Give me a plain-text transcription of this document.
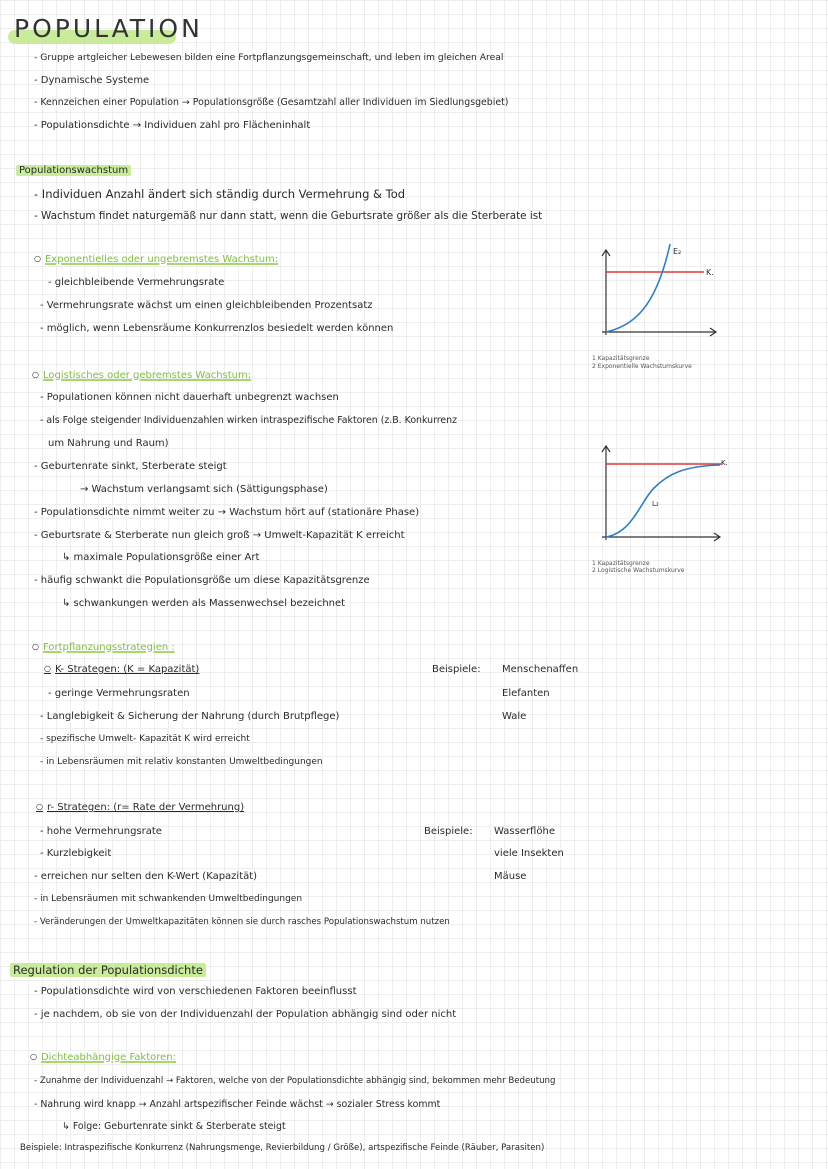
POPULATION
- Gruppe artgleicher Lebewesen bilden eine Fortpflanzungsgemeinschaft, und leben im gleichen Areal
- Dynamische Systeme
- Kennzeichen einer Population → Populationsgröße (Gesamtzahl aller Individuen im Siedlungsgebiet)
- Populationsdichte → Individuen zahl pro Flächeninhalt
Populationswachstum
- Individuen Anzahl ändert sich ständig durch Vermehrung & Tod
- Wachstum findet naturgemäß nur dann statt, wenn die Geburtsrate größer als die Sterberate ist
○ Exponentielles oder ungebremstes Wachstum:
- gleichbleibende Vermehrungsrate
- Vermehrungsrate wächst um einen gleichbleibenden Prozentsatz
- möglich, wenn Lebensräume Konkurrenzlos besiedelt werden können
E₂
K.
1 Kapazitätsgrenze
2 Exponentielle Wachstumskurve
○ Logistisches oder gebremstes Wachstum:
- Populationen können nicht dauerhaft unbegrenzt wachsen
- als Folge steigender Individuenzahlen wirken intraspezifische Faktoren (z.B. Konkurrenz
um Nahrung und Raum)
- Geburtenrate sinkt, Sterberate steigt
→ Wachstum verlangsamt sich (Sättigungsphase)
- Populationsdichte nimmt weiter zu → Wachstum hört auf (stationäre Phase)
- Geburtsrate & Sterberate nun gleich groß → Umwelt-Kapazität K erreicht
↳ maximale Populationsgröße einer Art
- häufig schwankt die Populationsgröße um diese Kapazitätsgrenze
↳ schwankungen werden als Massenwechsel bezeichnet
L₂
K.
1 Kapazitätsgrenze
2 Logistische Wachstumskurve
○ Fortpflanzungsstrategien :
○ K- Strategen: (K = Kapazität)
- geringe Vermehrungsraten
- Langlebigkeit & Sicherung der Nahrung (durch Brutpflege)
- spezifische Umwelt- Kapazität K wird erreicht
- in Lebensräumen mit relativ konstanten Umweltbedingungen
Beispiele: Menschenaffen
Elefanten
Wale
○ r- Strategen: (r= Rate der Vermehrung)
- hohe Vermehrungsrate
- Kurzlebigkeit
- erreichen nur selten den K-Wert (Kapazität)
- in Lebensräumen mit schwankenden Umweltbedingungen
- Veränderungen der Umweltkapazitäten können sie durch rasches Populationswachstum nutzen
Beispiele: Wasserflöhe
viele Insekten
Mäuse
Regulation der Populationsdichte
- Populationsdichte wird von verschiedenen Faktoren beeinflusst
- je nachdem, ob sie von der Individuenzahl der Population abhängig sind oder nicht
○ Dichteabhängige Faktoren:
- Zunahme der Individuenzahl → Faktoren, welche von der Populationsdichte abhängig sind, bekommen mehr Bedeutung
- Nahrung wird knapp → Anzahl artspezifischer Feinde wächst → sozialer Stress kommt
↳ Folge: Geburtenrate sinkt & Sterberate steigt
Beispiele: Intraspezifische Konkurrenz (Nahrungsmenge, Revierbildung / Größe), artspezifische Feinde (Räuber, Parasiten)
